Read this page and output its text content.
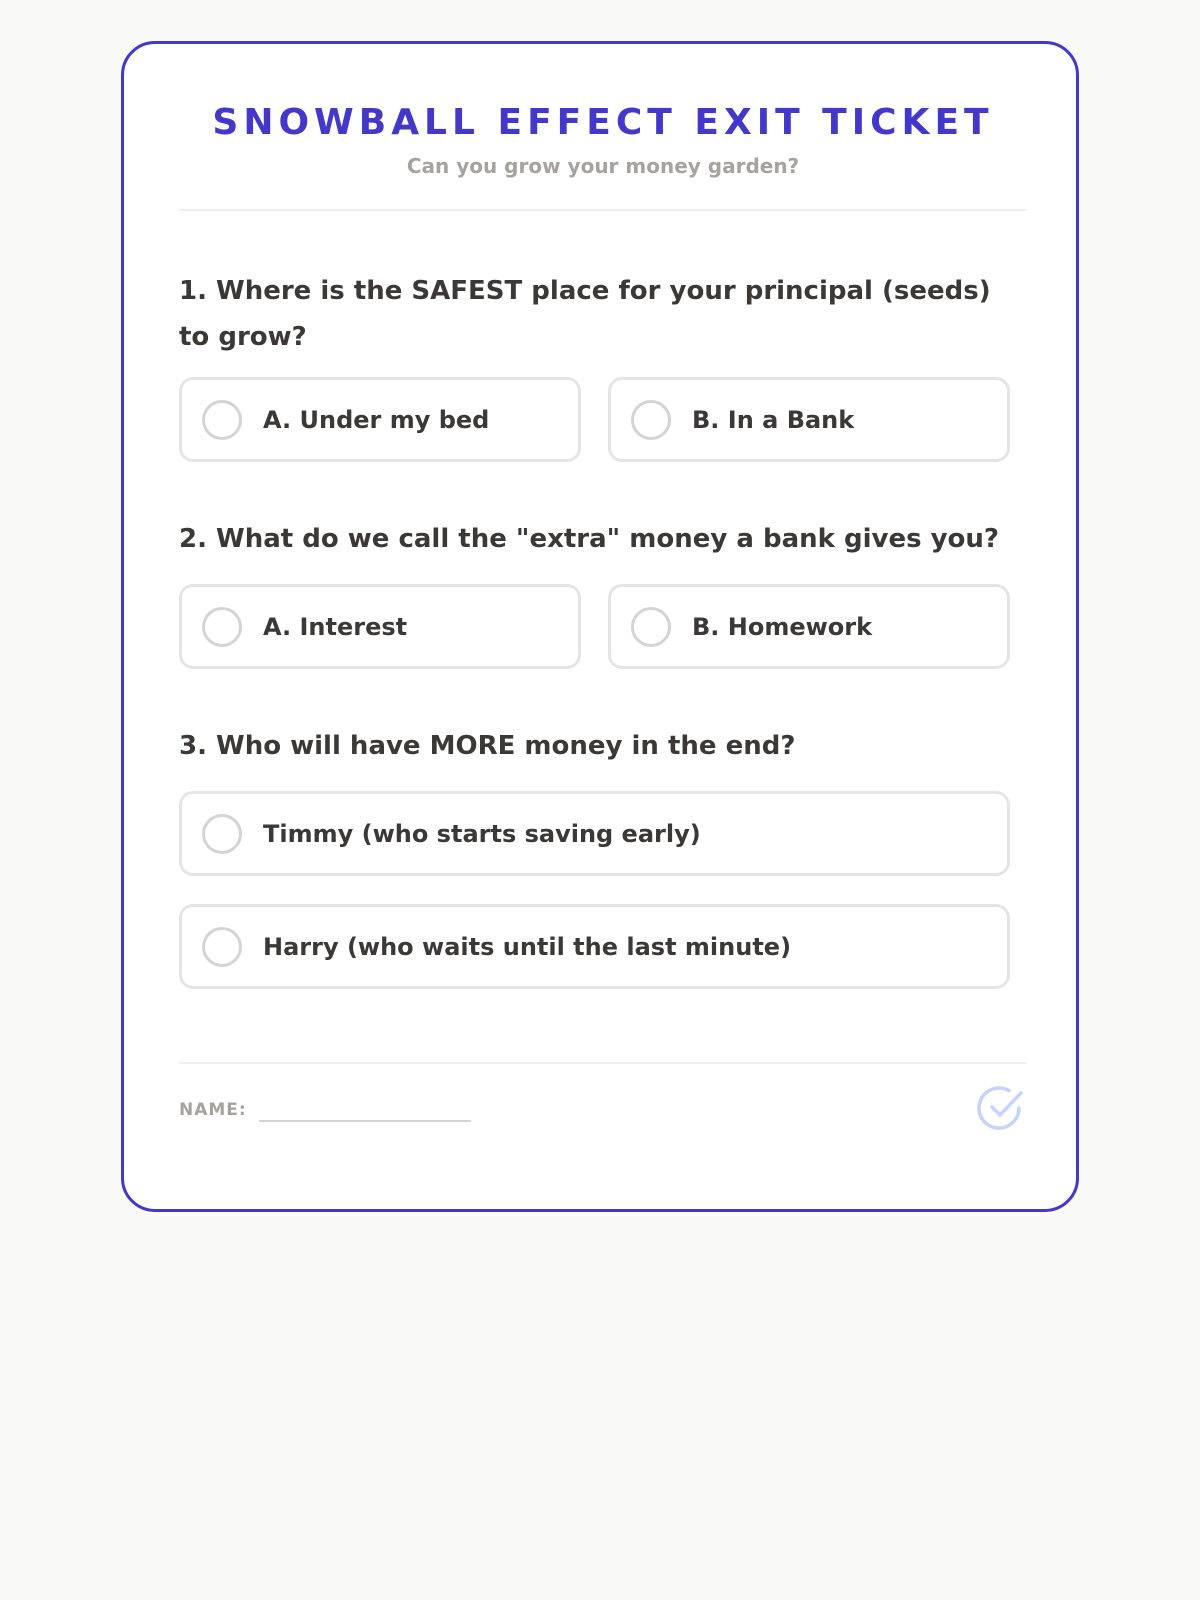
SNOWBALL EFFECT EXIT TICKET
Can you grow your money garden?
1. Where is the SAFEST place for your principal (seeds) to grow?
A. Under my bed	B. In a Bank
2. What do we call the "extra" money a bank gives you?
A. Interest	B. Homework
3. Who will have MORE money in the end?
Timmy (who starts saving early)
Harry (who waits until the last minute)
NAME:
